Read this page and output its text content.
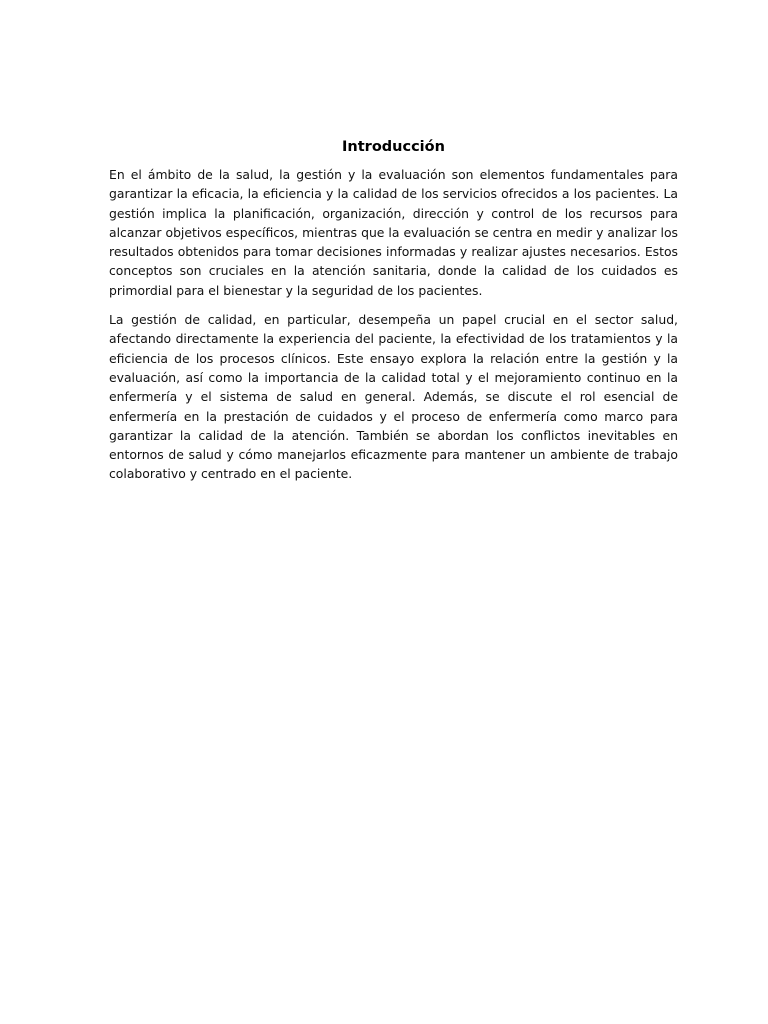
Introducción

En el ámbito de la salud, la gestión y la evaluación son elementos fundamentales para garantizar la eficacia, la eficiencia y la calidad de los servicios ofrecidos a los pacientes. La gestión implica la planificación, organización, dirección y control de los recursos para alcanzar objetivos específicos, mientras que la evaluación se centra en medir y analizar los resultados obtenidos para tomar decisiones informadas y realizar ajustes necesarios. Estos conceptos son cruciales en la atención sanitaria, donde la calidad de los cuidados es primordial para el bienestar y la seguridad de los pacientes.

La gestión de calidad, en particular, desempeña un papel crucial en el sector salud, afectando directamente la experiencia del paciente, la efectividad de los tratamientos y la eficiencia de los procesos clínicos. Este ensayo explora la relación entre la gestión y la evaluación, así como la importancia de la calidad total y el mejoramiento continuo en la enfermería y el sistema de salud en general. Además, se discute el rol esencial de enfermería en la prestación de cuidados y el proceso de enfermería como marco para garantizar la calidad de la atención. También se abordan los conflictos inevitables en entornos de salud y cómo manejarlos eficazmente para mantener un ambiente de trabajo colaborativo y centrado en el paciente.
